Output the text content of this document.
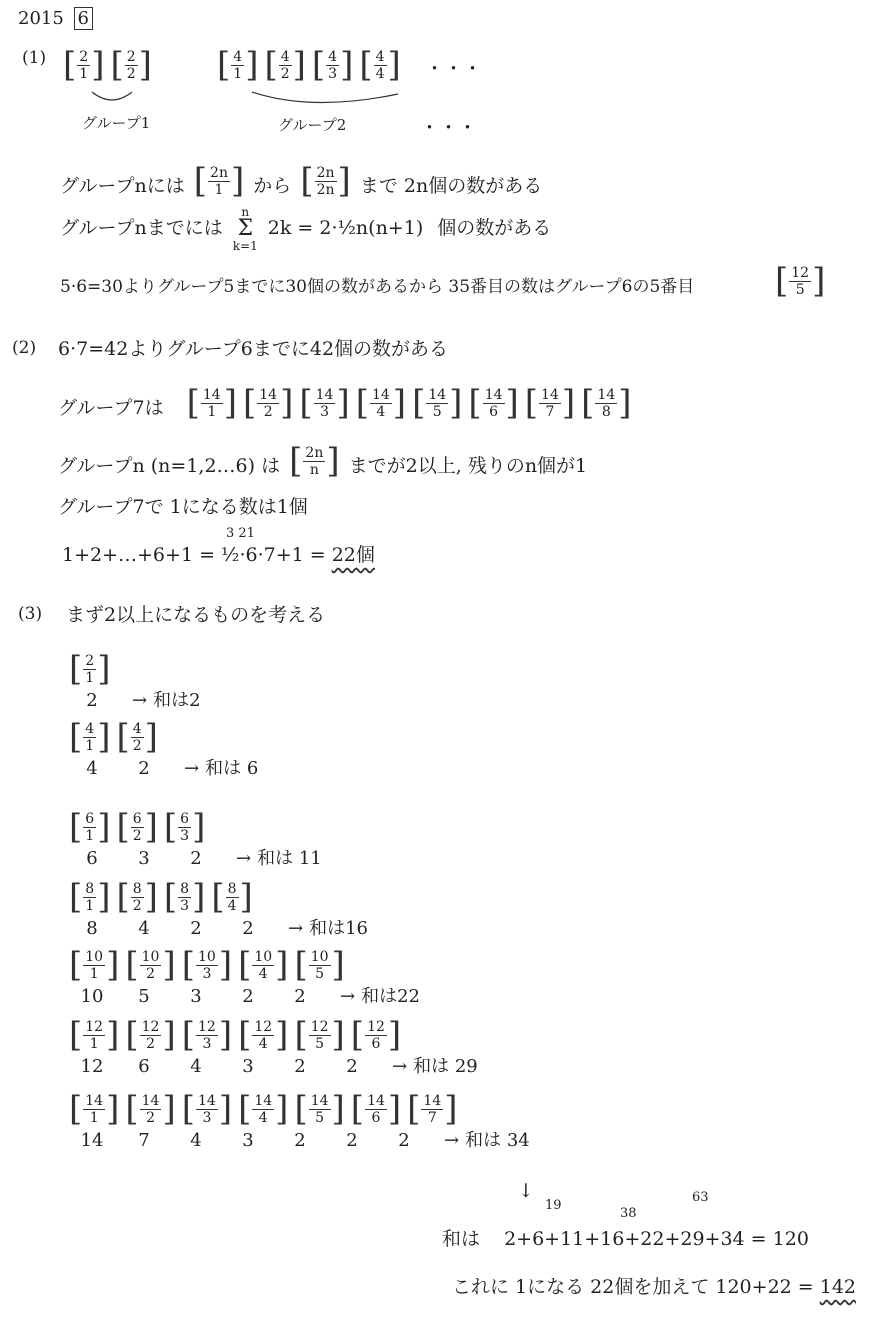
2015 6
(1) [ $\frac{2}{1}$ ] [ $\frac{2}{2}$ ] [ $\frac{4}{1}$ ] [ $\frac{4}{2}$ ] [ $\frac{4}{3}$ ] [ $\frac{4}{4}$ ] ・・・
・・・
グループ1	グループ2
グループnには [ $\frac{2n}{1}$ ] から [ $\frac{2n}{2n}$ ] まで 2n個の数がある
グループnまでには
n
Σ
k=1
2k = 2·½n(n+1) 個の数がある
5·6=30よりグループ5までに30個の数があるから 35番目の数はグループ6の5番目 [ $\frac{12}{5}$ ]
(2) 6·7=42よりグループ6までに42個の数がある
グループ7は [ $\frac{14}{1}$ ] [ $\frac{14}{2}$ ] [ $\frac{14}{3}$ ] [ $\frac{14}{4}$ ] [ $\frac{14}{5}$ ] [ $\frac{14}{6}$ ] [ $\frac{14}{7}$ ] [ $\frac{14}{8}$ ]
グループn (n=1,2…6) は [ $\frac{2n}{n}$ ] までが2以上, 残りのn個が1
グループ7で 1になる数は1個
3 21
1+2+…+6+1 = ½·6·7+1 = 22個
(3) まず2以上になるものを考える
[ $\frac{2}{1}$ ]
2 → 和は2
[ $\frac{4}{1}$ ] [ $\frac{4}{2}$ ]
4 2 → 和は 6
[ $\frac{6}{1}$ ] [ $\frac{6}{2}$ ] [ $\frac{6}{3}$ ]
6 3 2 → 和は 11
[ $\frac{8}{1}$ ] [ $\frac{8}{2}$ ] [ $\frac{8}{3}$ ] [ $\frac{8}{4}$ ]
8 4 2 2 → 和は16
[ $\frac{10}{1}$ ] [ $\frac{10}{2}$ ] [ $\frac{10}{3}$ ] [ $\frac{10}{4}$ ] [ $\frac{10}{5}$ ]
10 5 3 2 2 → 和は22
[ $\frac{12}{1}$ ] [ $\frac{12}{2}$ ] [ $\frac{12}{3}$ ] [ $\frac{12}{4}$ ] [ $\frac{12}{5}$ ] [ $\frac{12}{6}$ ]
12 6 4 3 2 2 → 和は 29
[ $\frac{14}{1}$ ] [ $\frac{14}{2}$ ] [ $\frac{14}{3}$ ] [ $\frac{14}{4}$ ] [ $\frac{14}{5}$ ] [ $\frac{14}{6}$ ] [ $\frac{14}{7}$ ]
14 7 4 3 2 2 2 → 和は 34
↓
19
38
63
和は 2+6+11+16+22+29+34 = 120
これに 1になる 22個を加えて 120+22 = 142
